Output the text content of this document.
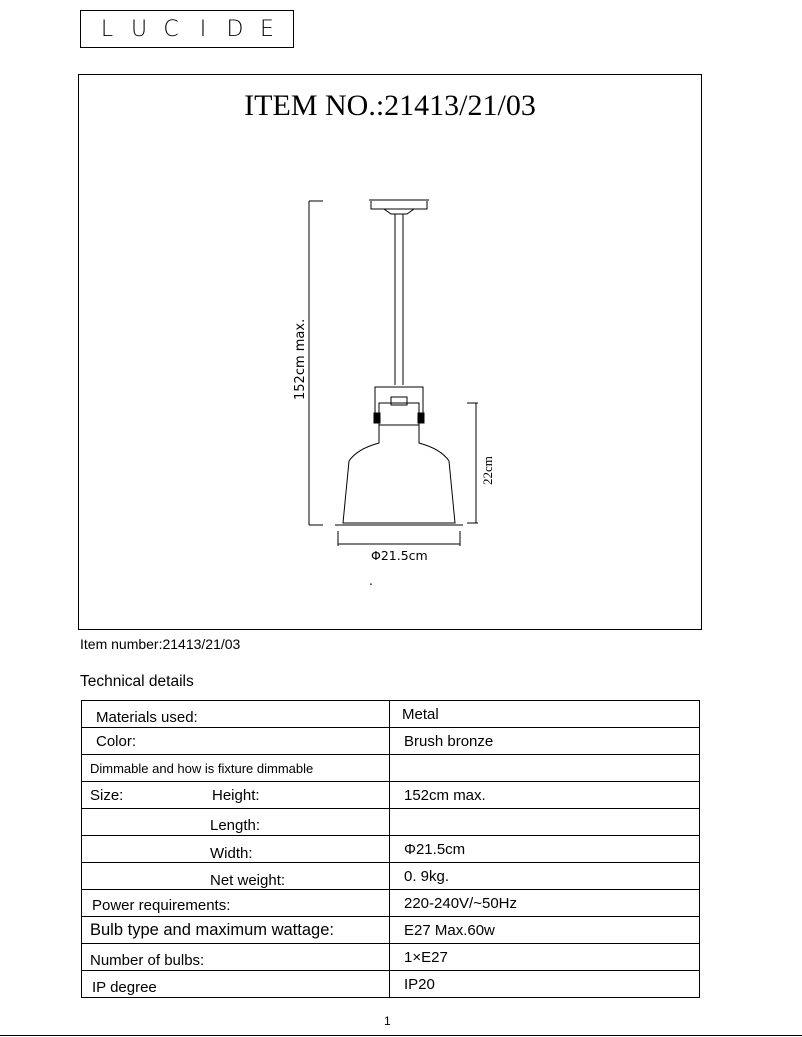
L U C I D E
ITEM NO.:21413/21/03
152cm max.
22cm
Φ21.5cm
.
Item number:21413/21/03
Technical details
Materials used:	Metal
Color:	Brush bronze
Dimmable and how is fixture dimmable	
Size: Height:	152cm max.
Length:	
Width:	Φ21.5cm
Net weight:	0. 9kg.
Power requirements:	220-240V/~50Hz
Bulb type and maximum wattage:	E27 Max.60w
Number of bulbs:	1×E27
IP degree	IP20
1
